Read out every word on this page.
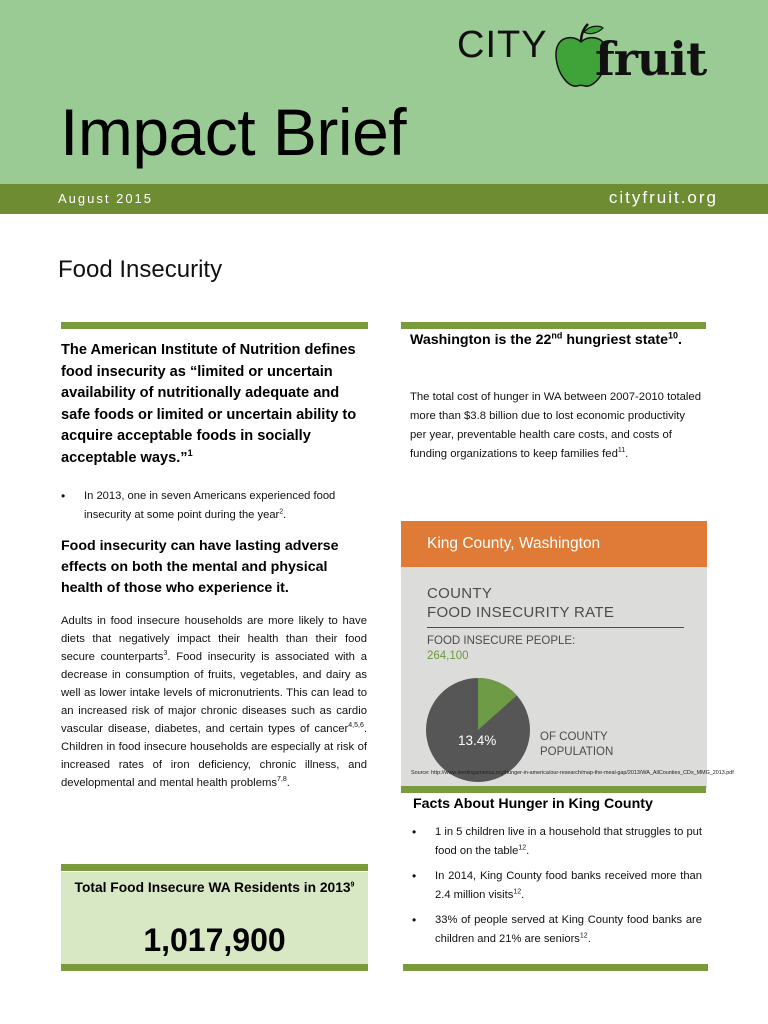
Impact Brief
CITY fruit
August 2015	cityfruit.org
Food Insecurity
The American Institute of Nutrition defines food insecurity as “limited or uncertain availability of nutritionally adequate and safe foods or limited or uncertain ability to acquire acceptable foods in socially acceptable ways.”$^1$
• In 2013, one in seven Americans experienced food insecurity at some point during the year$^2$.
Food insecurity can have lasting adverse effects on both the mental and physical health of those who experience it.
Adults in food insecure households are more likely to have diets that negatively impact their health than their food secure counterparts$^3$. Food insecurity is associated with a decrease in consumption of fruits, vegetables, and dairy as well as lower intake levels of micronutrients. This can lead to an increased risk of major chronic diseases such as cardio vascular disease, diabetes, and certain types of cancer$^{4,5,6}$. Children in food insecure households are especially at risk of increased rates of iron deficiency, chronic illness, and developmental and mental health problems$^{7,8}$.
Total Food Insecure WA Residents in 2013$^9$
1,017,900
Washington is the 22nd hungriest state$^{10}$.
The total cost of hunger in WA between 2007-2010 totaled more than $3.8 billion due to lost economic productivity per year, preventable health care costs, and costs of funding organizations to keep families fed$^{11}$.
King County, Washington
COUNTY
FOOD INSECURITY RATE
FOOD INSECURE PEOPLE:
264,100
13.4%	OF COUNTY
POPULATION
Source: http://www.feedingamerica.org/hunger-in-america/our-research/map-the-meal-gap/2013/WA_AllCounties_CDs_MMG_2013.pdf
Facts About Hunger in King County
• 1 in 5 children live in a household that struggles to put food on the table$^{12}$.
• In 2014, King County food banks received more than 2.4 million visits$^{12}$.
• 33% of people served at King County food banks are children and 21% are seniors$^{12}$.
